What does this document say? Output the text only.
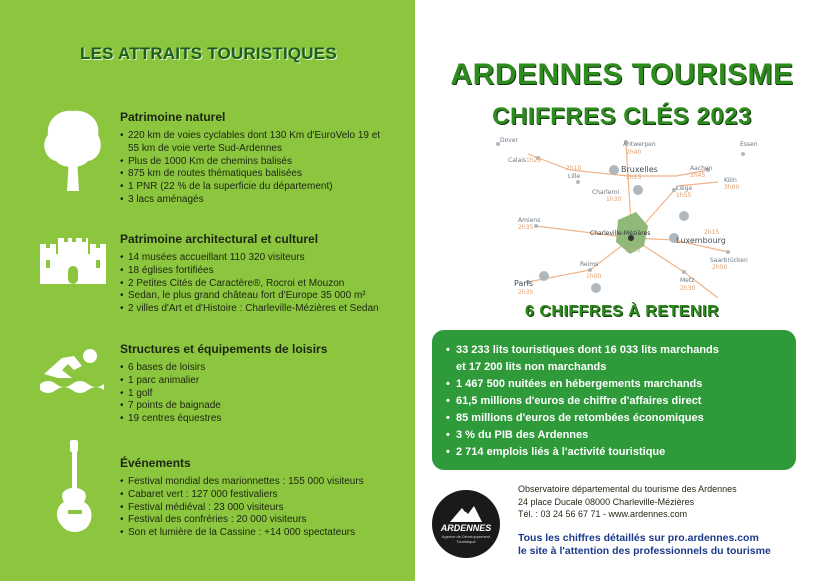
LES ATTRAITS TOURISTIQUES
Patrimoine naturel
• 220 km de voies cyclables dont 130 Km d'EuroVelo 19 et
55 km de voie verte Sud-Ardennes
• Plus de 1000 Km de chemins balisés
• 875 km de routes thématiques balisées
• 1 PNR (22 % de la superficie du département)
• 3 lacs aménagés
Patrimoine architectural et culturel
• 14 musées accueillant 110 320 visiteurs
• 18 églises fortifiées
• 2 Petites Cités de Caractère®, Rocroi et Mouzon
• Sedan, le plus grand château fort d'Europe 35 000 m²
• 2 villes d'Art et d'Histoire : Charleville-Mézières et Sedan
Structures et équipements de loisirs
• 6 bases de loisirs
• 1 parc animalier
• 1 golf
• 7 points de baignade
• 19 centres équestres
Événements
• Festival mondial des marionnettes : 155 000 visiteurs
• Cabaret vert : 127 000 festivaliers
• Festival médiéval : 23 000 visiteurs
• Festival des confréries : 20 000 visiteurs
• Son et lumière de la Cassine : +14 000 spectateurs
ARDENNES TOURISME
CHIFFRES CLÉS 2023
Dover
Calais 1h20
Antwerpen
2h40
Bruxelles
2h15
Aachen
2h45
Essen
2h10
Lille
Köln
3h00
Charleroi
1h30
Liège
1h55
Amiens
2h35
Charleville-Mézières
1h00
Luxembourg
2h15
Saarbrücken
2h50
Reims
1h00
Paris
2h35
Metz
2h30
6 CHIFFRES À RETENIR
• 33 233 lits touristiques dont 16 033 lits marchands
et 17 200 lits non marchands
• 1 467 500 nuitées en hébergements marchands
• 61,5 millions d'euros de chiffre d'affaires direct
• 85 millions d'euros de retombées économiques
• 3 % du PIB des Ardennes
• 2 714 emplois liés à l'activité touristique
ARDENNES
Agence de Développement
Touristique
Observatoire départemental du tourisme des Ardennes
24 place Ducale 08000 Charleville-Mézières
Tél. : 03 24 56 67 71 - www.ardennes.com
Tous les chiffres détaillés sur pro.ardennes.com
le site à l'attention des professionnels du tourisme
